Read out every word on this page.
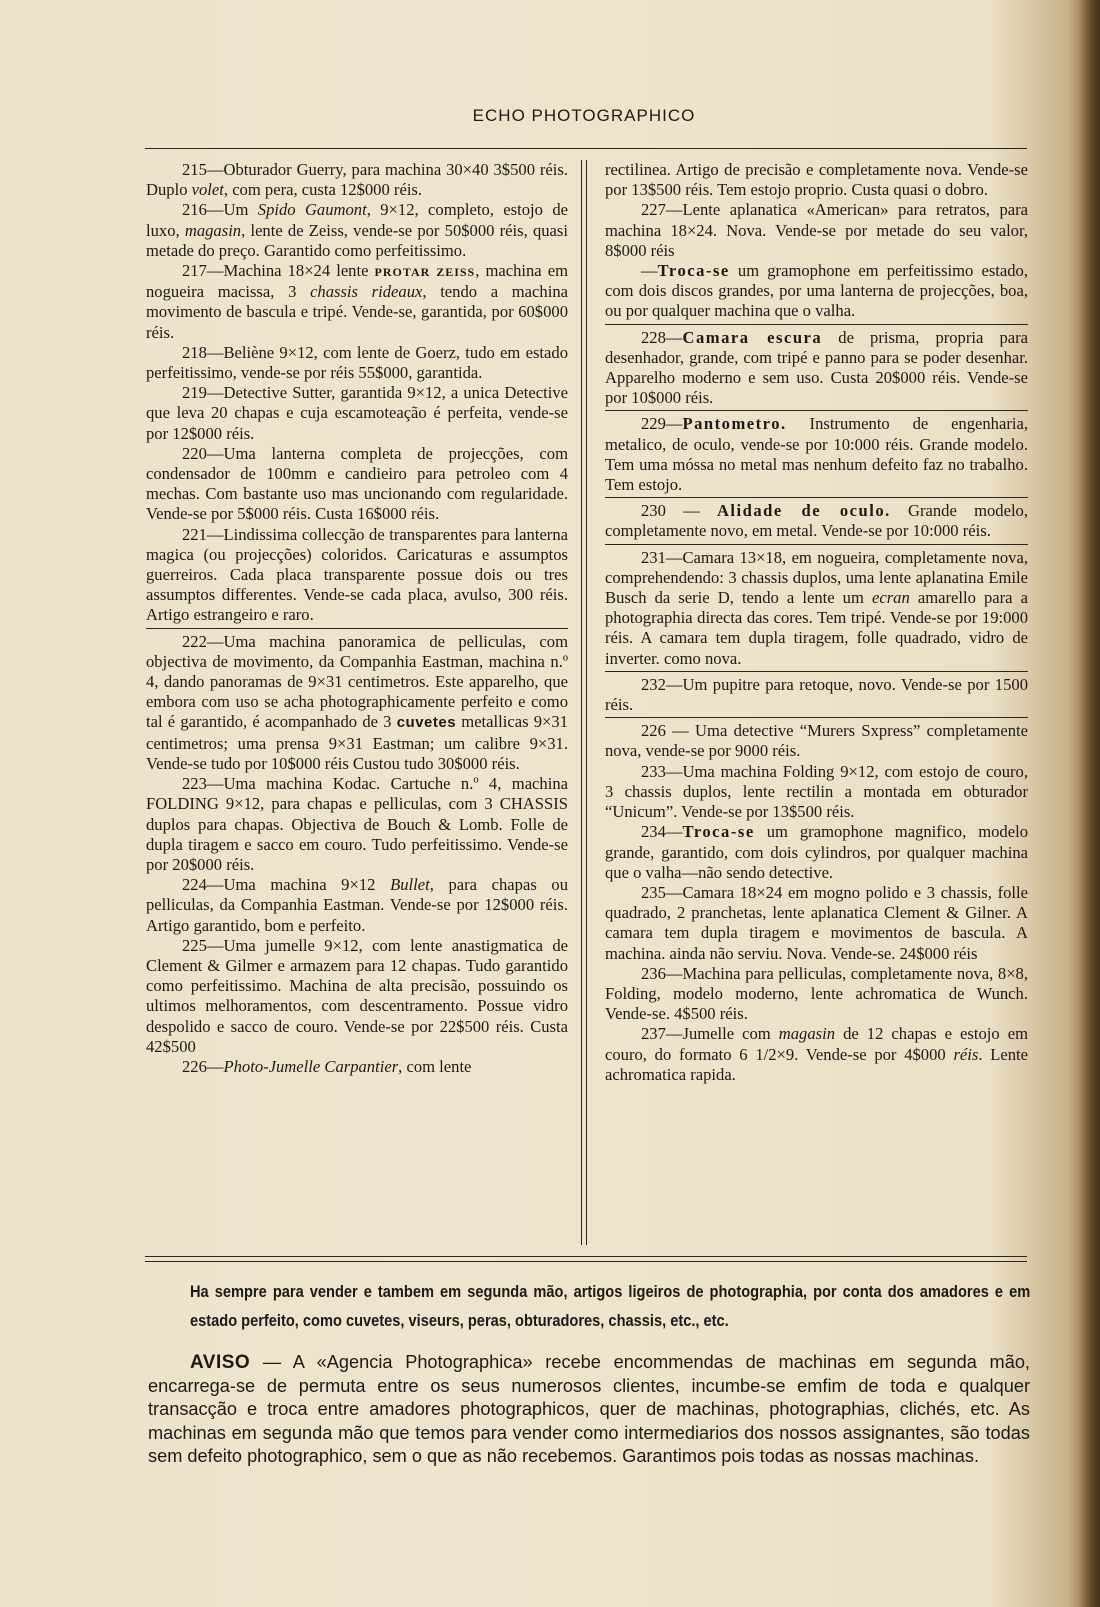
ECHO PHOTOGRAPHICO

215—Obturador Guerry, para machina 30×40 3$500 réis. Duplo volet, com pera, custa 12$000 réis.

216—Um Spido Gaumont, 9×12, completo, estojo de luxo, magasin, lente de Zeiss, vende-se por 50$000 réis, quasi metade do preço. Garantido como perfeitissimo.

217—Machina 18×24 lente PROTAR ZEISS, machina em nogueira macissa, 3 chassis rideaux, tendo a machina movimento de bascula e tripé. Vende-se, garantida, por 60$000 réis.

218—Beliène 9×12, com lente de Goerz, tudo em estado perfeitissimo, vende-se por réis 55$000, garantida.

219—Detective Sutter, garantida 9×12, a unica Detective que leva 20 chapas e cuja escamoteação é perfeita, vende-se por 12$000 réis.

220—Uma lanterna completa de projecções, com condensador de 100mm e candieiro para petroleo com 4 mechas. Com bastante uso mas uncionando com regularidade. Vende-se por 5$000 réis. Custa 16$000 réis.

221—Lindissima collecção de transparentes para lanterna magica (ou projecções) coloridos. Caricaturas e assumptos guerreiros. Cada placa transparente possue dois ou tres assumptos differentes. Vende-se cada placa, avulso, 300 réis. Artigo estrangeiro e raro.

222—Uma machina panoramica de pelliculas, com objectiva de movimento, da Companhia Eastman, machina n.º 4, dando panoramas de 9×31 centimetros. Este apparelho, que embora com uso se acha photographicamente perfeito e como tal é garantido, é acompanhado de 3 cuvetes metallicas 9×31 centimetros; uma prensa 9×31 Eastman; um calibre 9×31. Vende-se tudo por 10$000 réis Custou tudo 30$000 réis.

223—Uma machina Kodac. Cartuche n.º 4, machina FOLDING 9×12, para chapas e pelliculas, com 3 CHASSIS duplos para chapas. Objectiva de Bouch & Lomb. Folle de dupla tiragem e sacco em couro. Tudo perfeitissimo. Vende-se por 20$000 réis.

224—Uma machina 9×12 Bullet, para chapas ou pelliculas, da Companhia Eastman. Vende-se por 12$000 réis. Artigo garantido, bom e perfeito.

225—Uma jumelle 9×12, com lente anastigmatica de Clement & Gilmer e armazem para 12 chapas. Tudo garantido como perfeitissimo. Machina de alta precisão, possuindo os ultimos melhoramentos, com descentramento. Possue vidro despolido e sacco de couro. Vende-se por 22$500 réis. Custa 42$500

226—Photo-Jumelle Carpantier, com lente

rectilinea. Artigo de precisão e completamente nova. Vende-se por 13$500 réis. Tem estojo proprio. Custa quasi o dobro.

227—Lente aplanatica «American» para retratos, para machina 18×24. Nova. Vende-se por metade do seu valor, 8$000 réis

—Troca-se um gramophone em perfeitissimo estado, com dois discos grandes, por uma lanterna de projecções, boa, ou por qualquer machina que o valha.

228—Camara escura de prisma, propria para desenhador, grande, com tripé e panno para se poder desenhar. Apparelho moderno e sem uso. Custa 20$000 réis. Vende-se por 10$000 réis.

229—Pantometro. Instrumento de engenharia, metalico, de oculo, vende-se por 10:000 réis. Grande modelo. Tem uma móssa no metal mas nenhum defeito faz no trabalho. Tem estojo.

230 — Alidade de oculo. Grande modelo, completamente novo, em metal. Vende-se por 10:000 réis.

231—Camara 13×18, em nogueira, completamente nova, comprehendendo: 3 chassis duplos, uma lente aplanatina Emile Busch da serie D, tendo a lente um ecran amarello para a photographia directa das cores. Tem tripé. Vende-se por 19:000 réis. A camara tem dupla tiragem, folle quadrado, vidro de inverter. como nova.

232—Um pupitre para retoque, novo. Vende-se por 1500 réis.

226 — Uma detective “Murers Sxpress” completamente nova, vende-se por 9000 réis.

233—Uma machina Folding 9×12, com estojo de couro, 3 chassis duplos, lente rectilin a montada em obturador “Unicum”. Vende-se por 13$500 réis.

234—Troca-se um gramophone magnifico, modelo grande, garantido, com dois cylindros, por qualquer machina que o valha—não sendo detective.

235—Camara 18×24 em mogno polido e 3 chassis, folle quadrado, 2 pranchetas, lente aplanatica Clement & Gilner. A camara tem dupla tiragem e movimentos de bascula. A machina. ainda não serviu. Nova. Vende-se. 24$000 réis

236—Machina para pelliculas, completamente nova, 8×8, Folding, modelo moderno, lente achromatica de Wunch. Vende-se. 4$500 réis.

237—Jumelle com magasin de 12 chapas e estojo em couro, do formato 6 1/2×9. Vende-se por 4$000 réis. Lente achromatica rapida.

Ha sempre para vender e tambem em segunda mão, artigos ligeiros de photographia, por conta dos amadores e em estado perfeito, como cuvetes, viseurs, peras, obturadores, chassis, etc., etc.
AVISO — A «Agencia Photographica» recebe encommendas de machinas em segunda mão, encarrega-se de permuta entre os seus numerosos clientes, incumbe-se emfim de toda e qualquer transacção e troca entre amadores photographicos, quer de machinas, photographias, clichés, etc. As machinas em segunda mão que temos para vender como intermediarios dos nossos assignantes, são todas sem defeito photographico, sem o que as não recebemos. Garantimos pois todas as nossas machinas.
